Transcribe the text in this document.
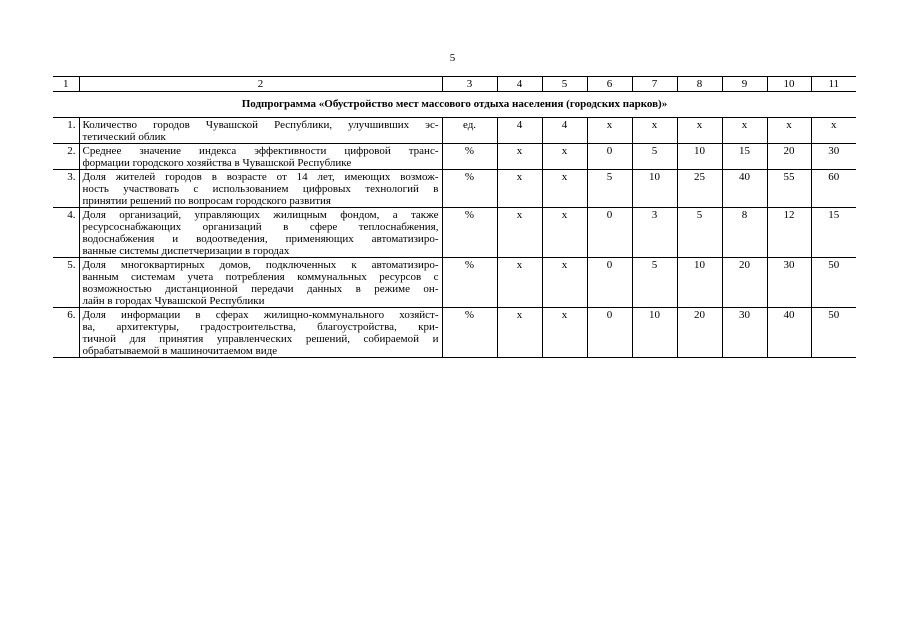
5
1	2	3	4	5	6	7	8	9	10	11
Подпрограмма «Обустройство мест массового отдыха населения (городских парков)»										
1.	Количество городов Чувашской Республики, улучшивших эс-
тетический облик	ед.	4	4	х	х	х	х	х	х
2.	Среднее значение индекса эффективности цифровой транс-
формации городского хозяйства в Чувашской Республике	%	х	х	0	5	10	15	20	30
3.	Доля жителей городов в возрасте от 14 лет, имеющих возмож-
ность участвовать с использованием цифровых технологий в
принятии решений по вопросам городского развития	%	х	х	5	10	25	40	55	60
4.	Доля организаций, управляющих жилищным фондом, а также
ресурсоснабжающих организаций в сфере теплоснабжения,
водоснабжения и водоотведения, применяющих автоматизиро-
ванные системы диспетчеризации в городах	%	х	х	0	3	5	8	12	15
5.	Доля многоквартирных домов, подключенных к автоматизиро-
ванным системам учета потребления коммунальных ресурсов с
возможностью дистанционной передачи данных в режиме он-
лайн в городах Чувашской Республики	%	х	х	0	5	10	20	30	50
6.	Доля информации в сферах жилищно-коммунального хозяйст-
ва, архитектуры, градостроительства, благоустройства, кри-
тичной для принятия управленческих решений, собираемой и
обрабатываемой в машиночитаемом виде	%	х	х	0	10	20	30	40	50
